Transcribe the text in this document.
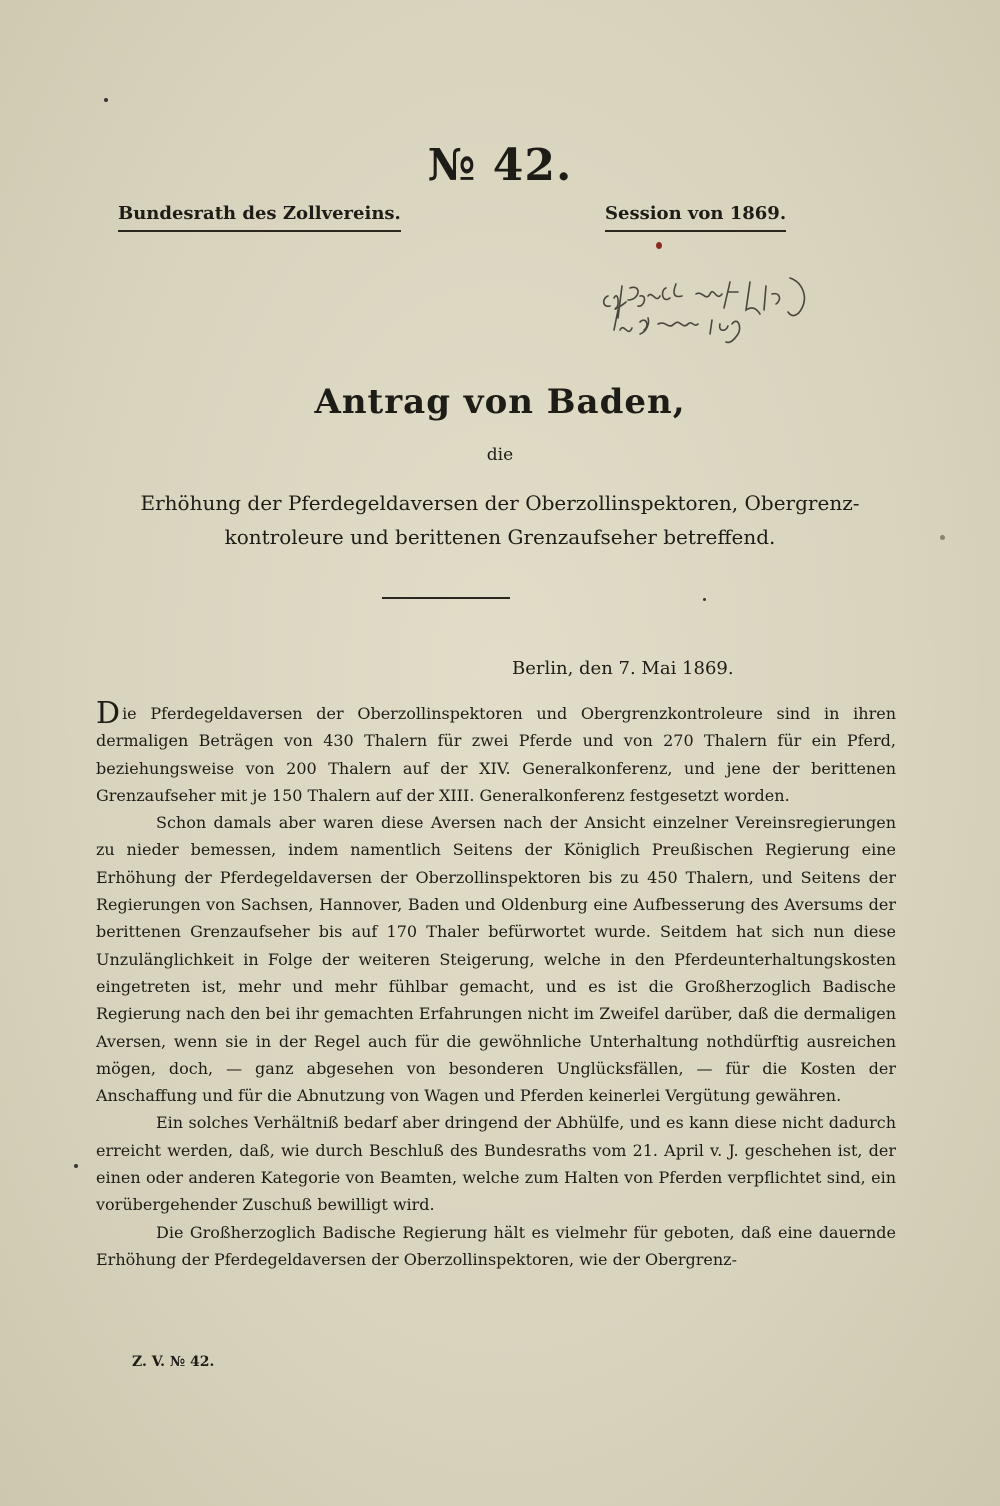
№ 42.
Bundesrath des Zollvereins.	Session von 1869.
Antrag von Baden,
die
Erhöhung der Pferdegeldaversen der Oberzollinspektoren, Obergrenz-kontroleure und berittenen Grenzaufseher betreffend.
Berlin, den 7. Mai 1869.

Die Pferdegeldaversen der Oberzollinspektoren und Obergrenzkontroleure sind in ihren dermaligen Beträgen von 430 Thalern für zwei Pferde und von 270 Thalern für ein Pferd, beziehungsweise von 200 Thalern auf der XIV. Generalkonferenz, und jene der berittenen Grenzaufseher mit je 150 Thalern auf der XIII. Generalkonferenz festgesetzt worden.

Schon damals aber waren diese Aversen nach der Ansicht einzelner Vereinsregierungen zu nieder bemessen, indem namentlich Seitens der Königlich Preußischen Regierung eine Erhöhung der Pferdegeldaversen der Oberzollinspektoren bis zu 450 Thalern, und Seitens der Regierungen von Sachsen, Hannover, Baden und Oldenburg eine Aufbesserung des Aversums der berittenen Grenzaufseher bis auf 170 Thaler befürwortet wurde. Seitdem hat sich nun diese Unzulänglichkeit in Folge der weiteren Steigerung, welche in den Pferdeunterhaltungskosten eingetreten ist, mehr und mehr fühlbar gemacht, und es ist die Großherzoglich Badische Regierung nach den bei ihr gemachten Erfahrungen nicht im Zweifel darüber, daß die dermaligen Aversen, wenn sie in der Regel auch für die gewöhnliche Unterhaltung nothdürftig ausreichen mögen, doch, — ganz abgesehen von besonderen Unglücksfällen, — für die Kosten der Anschaffung und für die Abnutzung von Wagen und Pferden keinerlei Vergütung gewähren.

Ein solches Verhältniß bedarf aber dringend der Abhülfe, und es kann diese nicht dadurch erreicht werden, daß, wie durch Beschluß des Bundesraths vom 21. April v. J. geschehen ist, der einen oder anderen Kategorie von Beamten, welche zum Halten von Pferden verpflichtet sind, ein vorübergehender Zuschuß bewilligt wird.

Die Großherzoglich Badische Regierung hält es vielmehr für geboten, daß eine dauernde Erhöhung der Pferdegeldaversen der Oberzollinspektoren, wie der Obergrenz-

Z. V. № 42.
